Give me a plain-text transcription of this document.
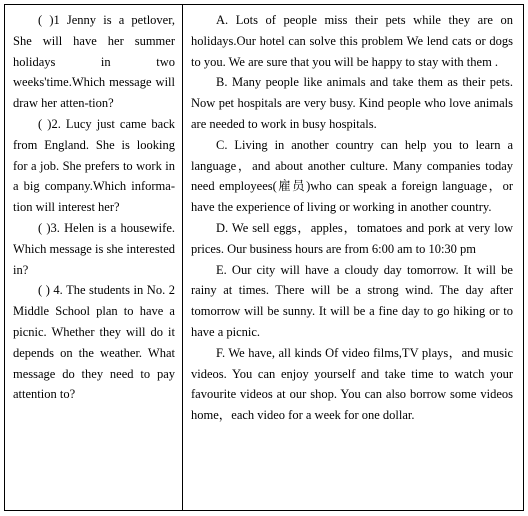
( )1 Jenny is a petlover, She will have her summer holidays in two weeks'time.Which message will draw her atten-tion?

( )2. Lucy just came back from England. She is looking for a job. She prefers to work in a big company.Which informa-tion will interest her?

( )3. Helen is a housewife. Which message is she interested in?

( ) 4. The students in No. 2 Middle School plan to have a picnic. Whether they will do it depends on the weather. What message do they need to pay attention to?

A. Lots of people miss their pets while they are on holidays.Our hotel can solve this problem We lend cats or dogs to you. We are sure that you will be happy to stay with them .

B. Many people like animals and take them as their pets. Now pet hospitals are very busy. Kind people who love animals are needed to work in busy hospitals.

C. Living in another country can help you to learn a language，and about another culture. Many companies today need employees(雇员)who can speak a foreign language，or have the experience of living or working in another country.

D. We sell eggs，apples，tomatoes and pork at very low prices. Our business hours are from 6:00 am to 10:30 pm

E. Our city will have a cloudy day tomorrow. It will be rainy at times. There will be a strong wind. The day after tomorrow will be sunny. It will be a fine day to go hiking or to have a picnic.

F. We have, all kinds Of video films,TV plays，and music videos. You can enjoy yourself and take time to watch your favourite videos at our shop. You can also borrow some videos home，each video for a week for one dollar.
